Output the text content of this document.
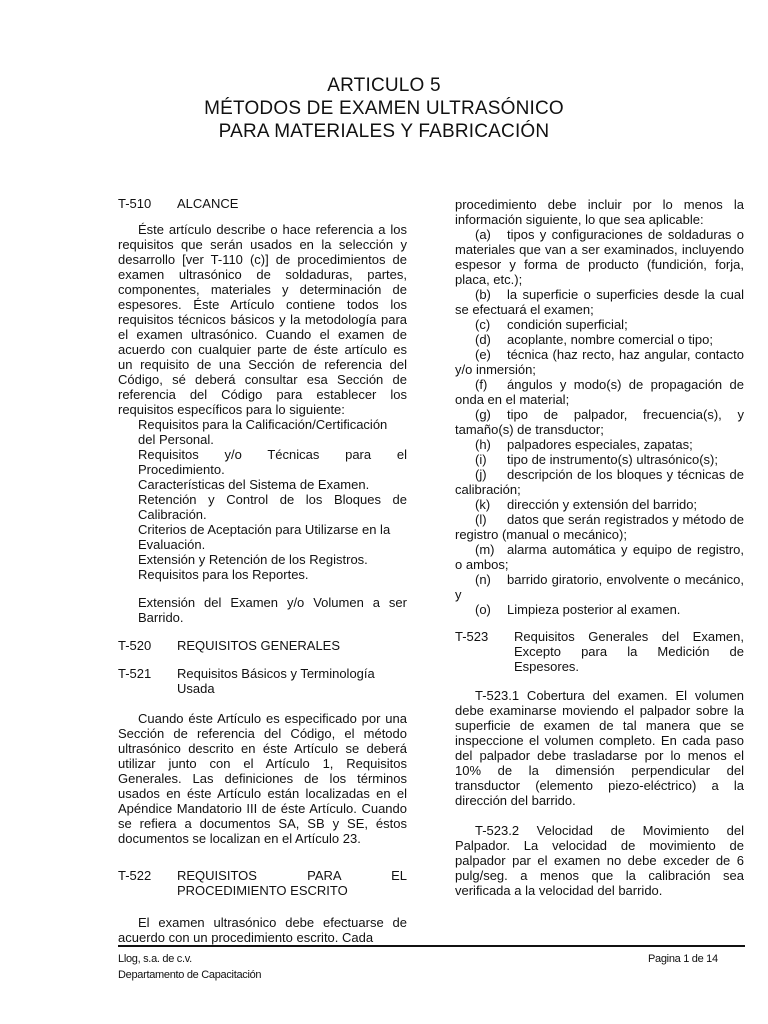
ARTICULO 5
MÉTODOS DE EXAMEN ULTRASÓNICO
PARA MATERIALES Y FABRICACIÓN
T-510	ALCANCE

Éste artículo describe o hace referencia a los requisitos que serán usados en la selección y desarrollo [ver T-110 (c)] de procedimientos de examen ultrasónico de soldaduras, partes, componentes, materiales y determinación de espesores. Éste Artículo contiene todos los requisitos técnicos básicos y la metodología para el examen ultrasónico. Cuando el examen de acuerdo con cualquier parte de éste artículo es un requisito de una Sección de referencia del Código, sé deberá consultar esa Sección de referencia del Código para establecer los requisitos específicos para lo siguiente:

Requisitos para la Calificación/Certificación del Personal.

Requisitos y/o Técnicas para el Procedimiento.

Características del Sistema de Examen.

Retención y Control de los Bloques de Calibración.

Criterios de Aceptación para Utilizarse en la Evaluación.

Extensión y Retención de los Registros.

Requisitos para los Reportes.

Extensión del Examen y/o Volumen a ser Barrido.

T-520	REQUISITOS GENERALES
T-521	Requisitos Básicos y Terminología Usada

Cuando éste Artículo es especificado por una Sección de referencia del Código, el método ultrasónico descrito en éste Artículo se deberá utilizar junto con el Artículo 1, Requisitos Generales. Las definiciones de los términos usados en éste Artículo están localizadas en el Apéndice Mandatorio III de éste Artículo. Cuando se refiera a documentos SA, SB y SE, éstos documentos se localizan en el Artículo 23.

T-522	REQUISITOS PARA EL PROCEDIMIENTO ESCRITO

El examen ultrasónico debe efectuarse de acuerdo con un procedimiento escrito. Cada

procedimiento debe incluir por lo menos la información siguiente, lo que sea aplicable:

(a) tipos y configuraciones de soldaduras o materiales que van a ser examinados, incluyendo espesor y forma de producto (fundición, forja, placa, etc.);

(b) la superficie o superficies desde la cual se efectuará el examen;

(c) condición superficial;

(d) acoplante, nombre comercial o tipo;

(e) técnica (haz recto, haz angular, contacto y/o inmersión;

(f) ángulos y modo(s) de propagación de onda en el material;

(g) tipo de palpador, frecuencia(s), y tamaño(s) de transductor;

(h) palpadores especiales, zapatas;

(i) tipo de instrumento(s) ultrasónico(s);

(j) descripción de los bloques y técnicas de calibración;

(k) dirección y extensión del barrido;

(l) datos que serán registrados y método de registro (manual o mecánico);

(m) alarma automática y equipo de registro, o ambos;

(n) barrido giratorio, envolvente o mecánico, y

(o) Limpieza posterior al examen.

T-523	Requisitos Generales del Examen, Excepto para la Medición de Espesores.

T-523.1 Cobertura del examen. El volumen debe examinarse moviendo el palpador sobre la superficie de examen de tal manera que se inspeccione el volumen completo. En cada paso del palpador debe trasladarse por lo menos el 10% de la dimensión perpendicular del transductor (elemento piezo-eléctrico) a la dirección del barrido.

T-523.2 Velocidad de Movimiento del Palpador. La velocidad de movimiento de palpador par el examen no debe exceder de 6 pulg/seg. a menos que la calibración sea verificada a la velocidad del barrido.

Llog, s.a. de c.v.
Departamento de Capacitación
Pagina 1 de 14
